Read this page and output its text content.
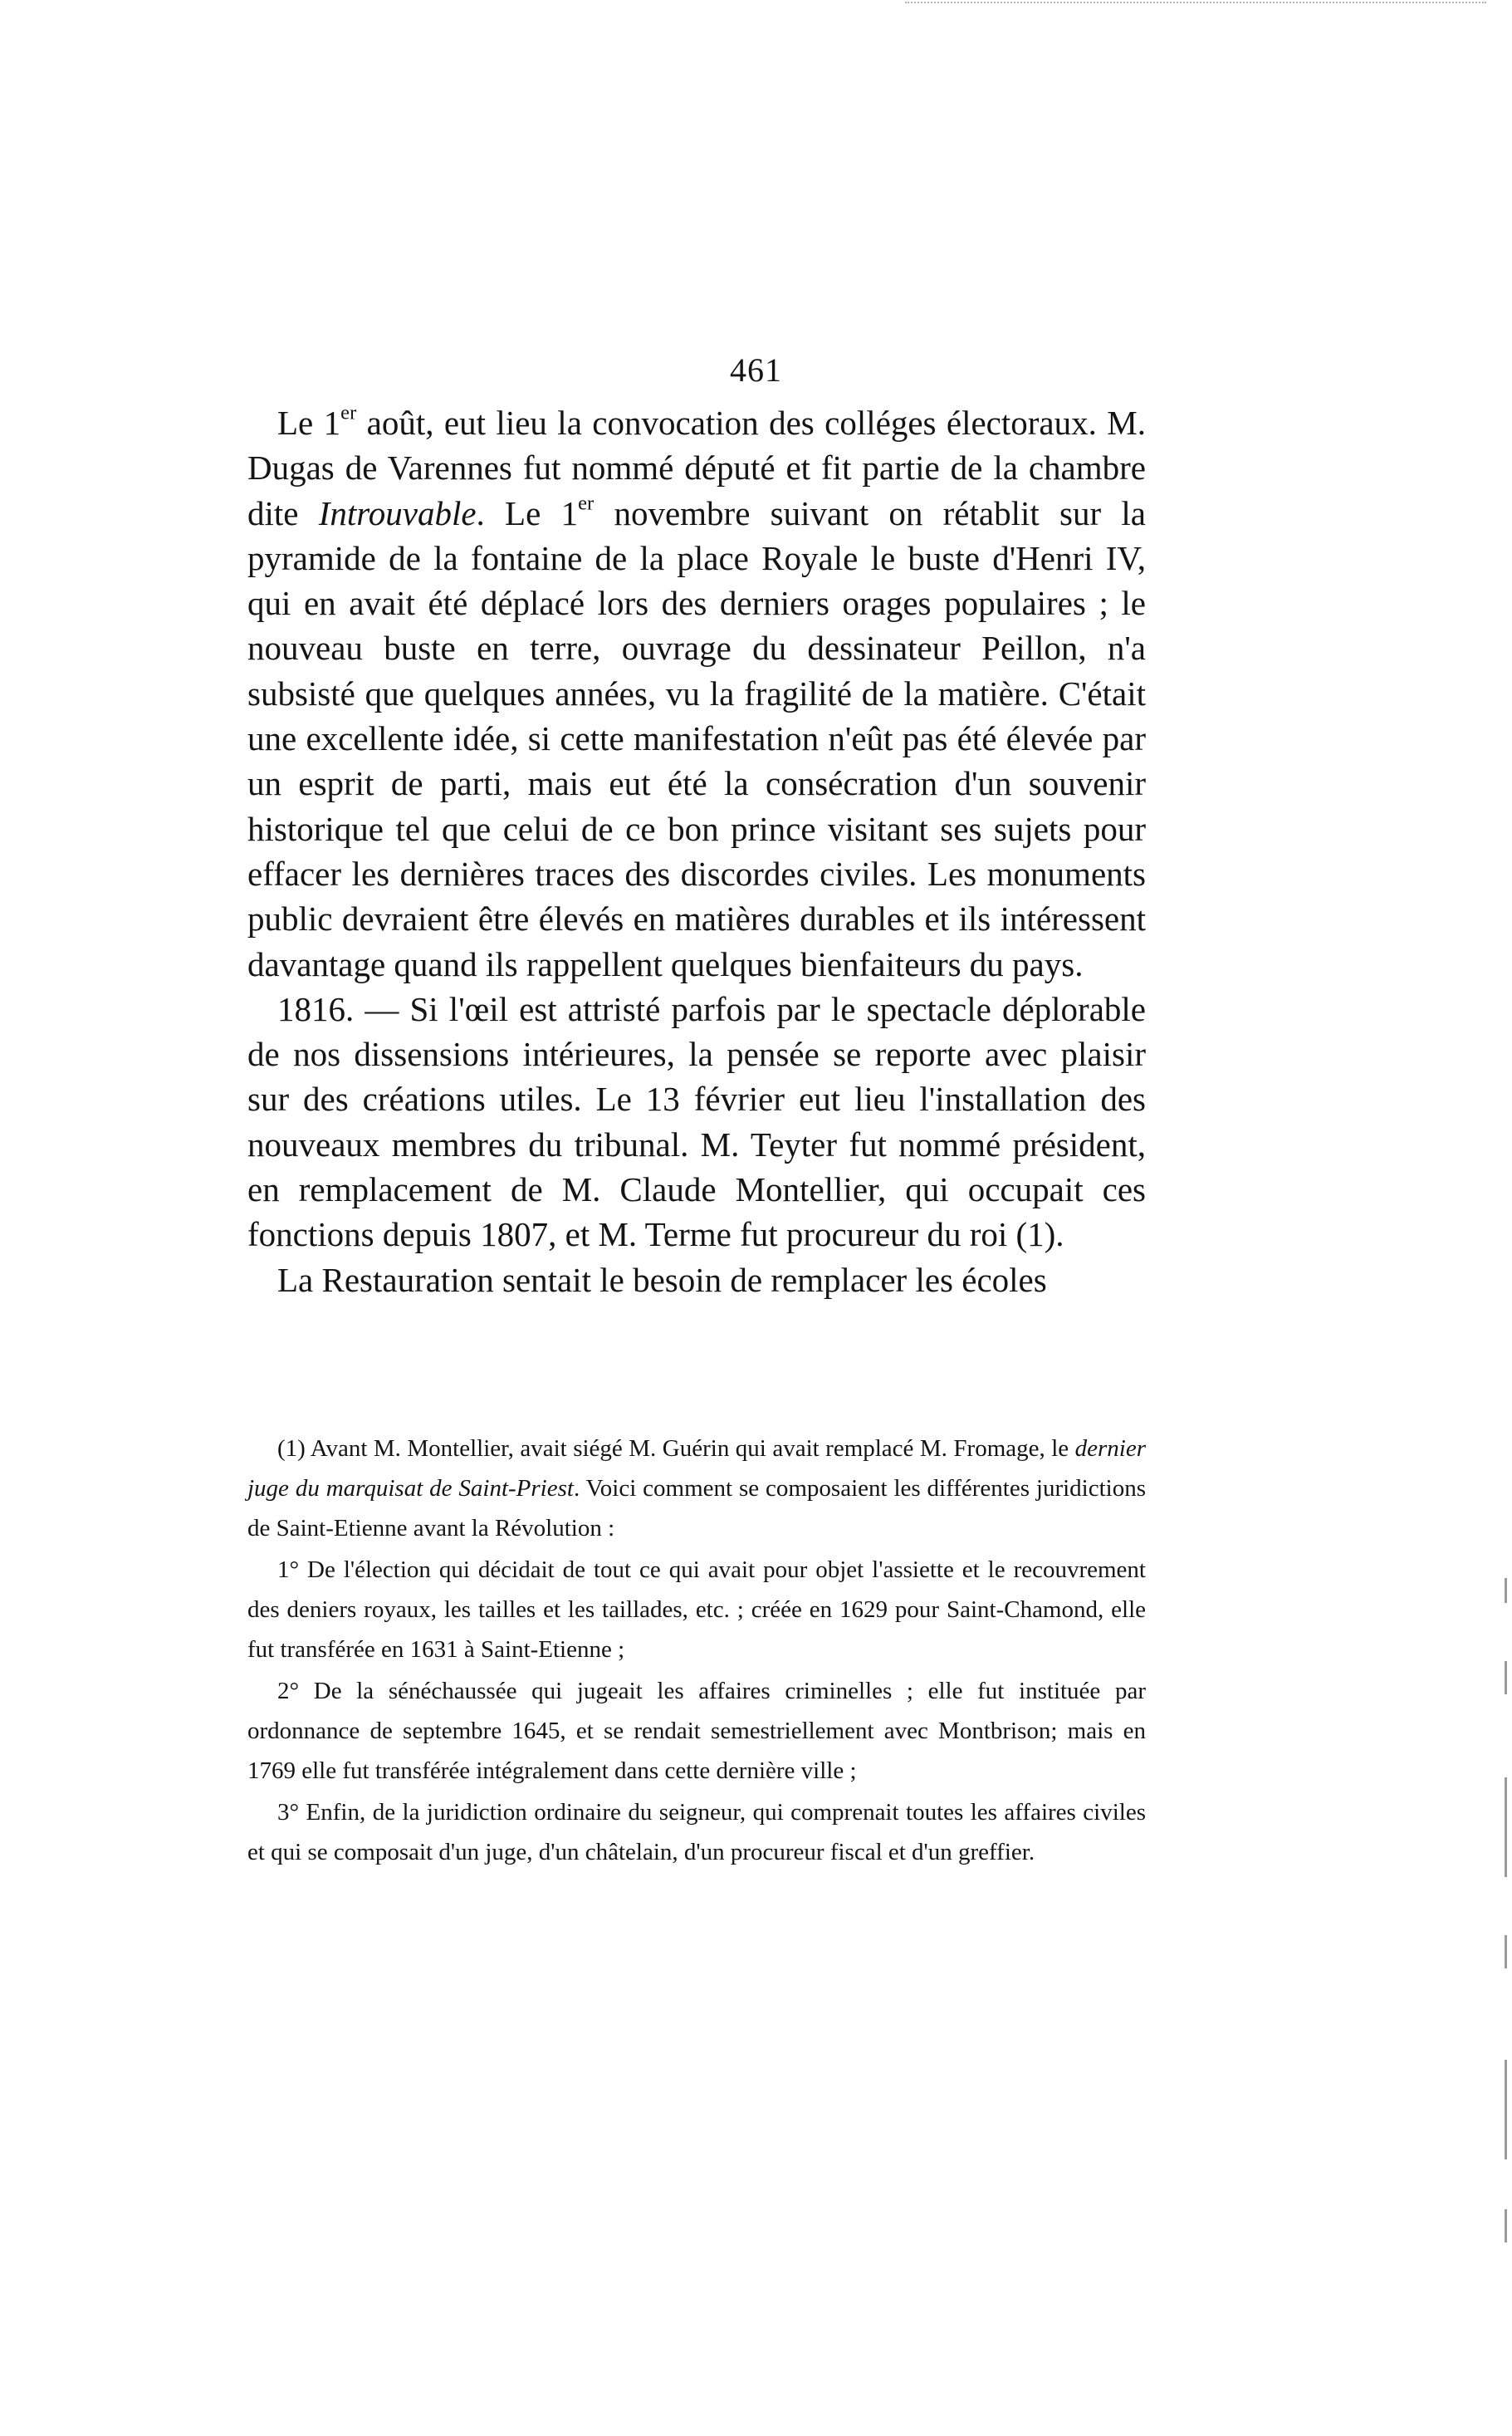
461

Le 1er août, eut lieu la convocation des colléges électoraux. M. Dugas de Varennes fut nommé député et fit partie de la chambre dite Introuvable. Le 1er novembre suivant on rétablit sur la pyramide de la fontaine de la place Royale le buste d'Henri IV, qui en avait été déplacé lors des derniers orages populaires ; le nouveau buste en terre, ouvrage du dessinateur Peillon, n'a subsisté que quelques années, vu la fragilité de la matière. C'était une excellente idée, si cette manifestation n'eût pas été élevée par un esprit de parti, mais eut été la consécration d'un souvenir historique tel que celui de ce bon prince visitant ses sujets pour effacer les dernières traces des discordes civiles. Les monuments public devraient être élevés en matières durables et ils intéressent davantage quand ils rappellent quelques bienfaiteurs du pays.

1816. — Si l'œil est attristé parfois par le spectacle déplorable de nos dissensions intérieures, la pensée se reporte avec plaisir sur des créations utiles. Le 13 février eut lieu l'installation des nouveaux membres du tribunal. M. Teyter fut nommé président, en remplacement de M. Claude Montellier, qui occupait ces fonctions depuis 1807, et M. Terme fut procureur du roi (1).

La Restauration sentait le besoin de remplacer les écoles

(1) Avant M. Montellier, avait siégé M. Guérin qui avait remplacé M. Fromage, le dernier juge du marquisat de Saint-Priest. Voici comment se composaient les différentes juridictions de Saint-Etienne avant la Révolution :

1° De l'élection qui décidait de tout ce qui avait pour objet l'assiette et le recouvrement des deniers royaux, les tailles et les taillades, etc. ; créée en 1629 pour Saint-Chamond, elle fut transférée en 1631 à Saint-Etienne ;

2° De la sénéchaussée qui jugeait les affaires criminelles ; elle fut instituée par ordonnance de septembre 1645, et se rendait semestriellement avec Montbrison; mais en 1769 elle fut transférée intégralement dans cette dernière ville ;

3° Enfin, de la juridiction ordinaire du seigneur, qui comprenait toutes les affaires civiles et qui se composait d'un juge, d'un châtelain, d'un procureur fiscal et d'un greffier.
